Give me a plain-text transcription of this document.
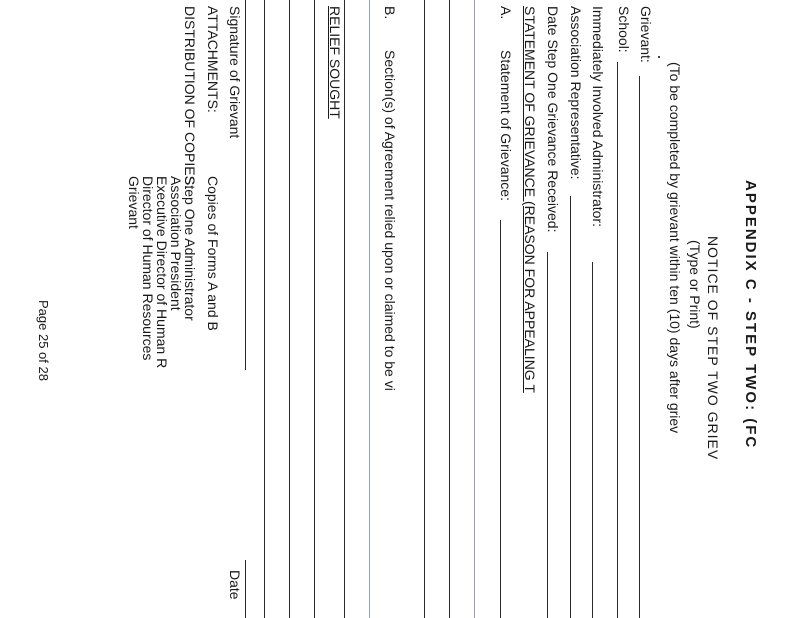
APPENDIX C - STEP TWO: (FC
NOTICE OF STEP TWO GRIEV
(Type or Print)
(To be completed by grievant within ten (10) days after griev
Grievant:
School:
Immediately Involved Administrator:
Association Representative:
Date Step One Grievance Received:
STATEMENT OF GRIEVANCE (REASON FOR APPEALING T
A.
Statement of Grievance:
B.
Section(s) of Agreement relied upon or claimed to be vi
RELIEF SOUGHT
Signature of Grievant
Date
ATTACHMENTS:
Copies of Forms A and B
DISTRIBUTION OF COPIES:
Step One Administrator
Association President
Executive Director of Human R
Director of Human Resources
Grievant
Page 25 of 28
